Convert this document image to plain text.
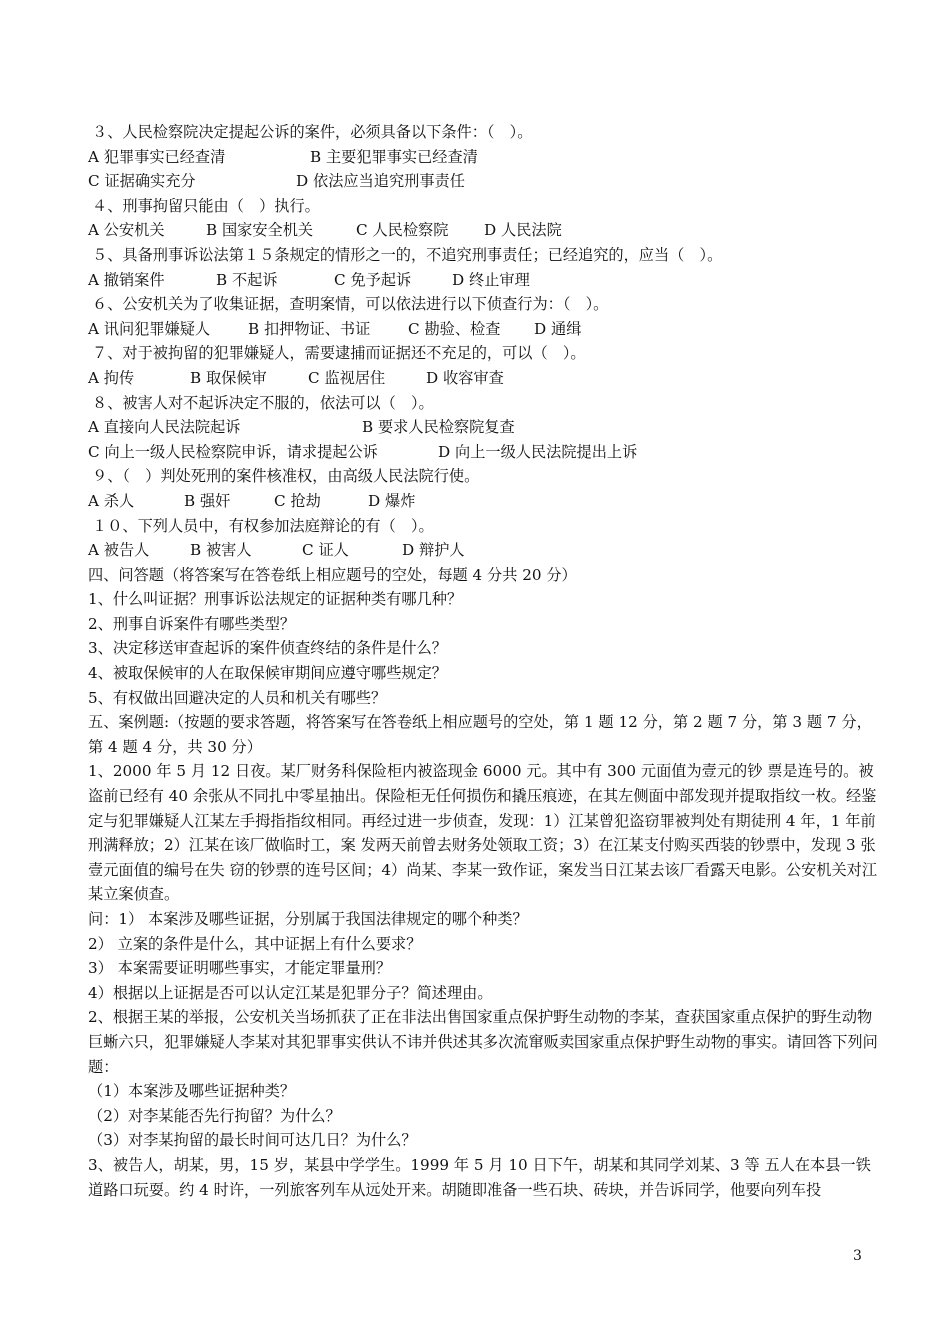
３、人民检察院决定提起公诉的案件，必须具备以下条件：（　）。
A 犯罪事实已经查清	B 主要犯罪事实已经查清
C 证据确实充分	D 依法应当追究刑事责任
４、刑事拘留只能由（　）执行。
A 公安机关	B 国家安全机关	C 人民检察院 D 人民法院
５、具备刑事诉讼法第１５条规定的情形之一的，不追究刑事责任；已经追究的，应当（　）。
A 撤销案件	B 不起诉	C 免予起诉	D 终止审理
６、公安机关为了收集证据，查明案情，可以依法进行以下侦查行为：（　）。
A 讯问犯罪嫌疑人 B 扣押物证、书证 C 勘验、检查 D 通缉
７、对于被拘留的犯罪嫌疑人，需要逮捕而证据还不充足的，可以（　）。
A 拘传	B 取保候审	C 监视居住	D 收容审查
８、被害人对不起诉决定不服的，依法可以（　）。
A 直接向人民法院起诉	B 要求人民检察院复查
C 向上一级人民检察院申诉，请求提起公诉	D 向上一级人民法院提出上诉
９、（　）判处死刑的案件核准权，由高级人民法院行使。
A 杀人	B 强奸	C 抢劫	D 爆炸
１０、下列人员中，有权参加法庭辩论的有（　）。
A 被告人	B 被害人	C 证人	D 辩护人
四、问答题（将答案写在答卷纸上相应题号的空处，每题 4 分共 20 分）
1、什么叫证据？刑事诉讼法规定的证据种类有哪几种？
2、刑事自诉案件有哪些类型？
3、决定移送审查起诉的案件侦查终结的条件是什么？
4、被取保候审的人在取保候审期间应遵守哪些规定？
5、有权做出回避决定的人员和机关有哪些？
五、案例题:（按题的要求答题，将答案写在答卷纸上相应题号的空处，第 1 题 12 分，第 2 题 7 分，第 3 题 7 分，第 4 题 4 分，共 30 分）
1、2000 年 5 月 12 日夜。某厂财务科保险柜内被盗现金 6000 元。其中有 300 元面值为壹元的钞 票是连号的。被盗前已经有 40 余张从不同扎中零星抽出。保险柜无任何损伤和撬压痕迹，在其左侧面中部发现并提取指纹一枚。经鉴定与犯罪嫌疑人江某左手拇指指纹相同。再经过进一步侦查，发现：1）江某曾犯盗窃罪被判处有期徒刑 4 年，1 年前刑满释放；2）江某在该厂做临时工，案 发两天前曾去财务处领取工资；3）在江某支付购买西装的钞票中，发现 3 张壹元面值的编号在失 窃的钞票的连号区间；4）尚某、李某一致作证，案发当日江某去该厂看露天电影。公安机关对江 某立案侦查。
问：1） 本案涉及哪些证据，分别属于我国法律规定的哪个种类？
2） 立案的条件是什么，其中证据上有什么要求？
3） 本案需要证明哪些事实，才能定罪量刑？
4）根据以上证据是否可以认定江某是犯罪分子？简述理由。
2、根据王某的举报，公安机关当场抓获了正在非法出售国家重点保护野生动物的李某，查获国家重点保护的野生动物巨蜥六只，犯罪嫌疑人李某对其犯罪事实供认不讳并供述其多次流窜贩卖国家重点保护野生动物的事实。请回答下列问题：
（1）本案涉及哪些证据种类？
（2）对李某能否先行拘留？为什么？
（3）对李某拘留的最长时间可达几日？为什么？
3、被告人，胡某，男，15 岁，某县中学学生。1999 年 5 月 10 日下午，胡某和其同学刘某、3 等 五人在本县一铁道路口玩耍。约 4 时许，一列旅客列车从远处开来。胡随即准备一些石块、砖块，并告诉同学，他要向列车投
3
